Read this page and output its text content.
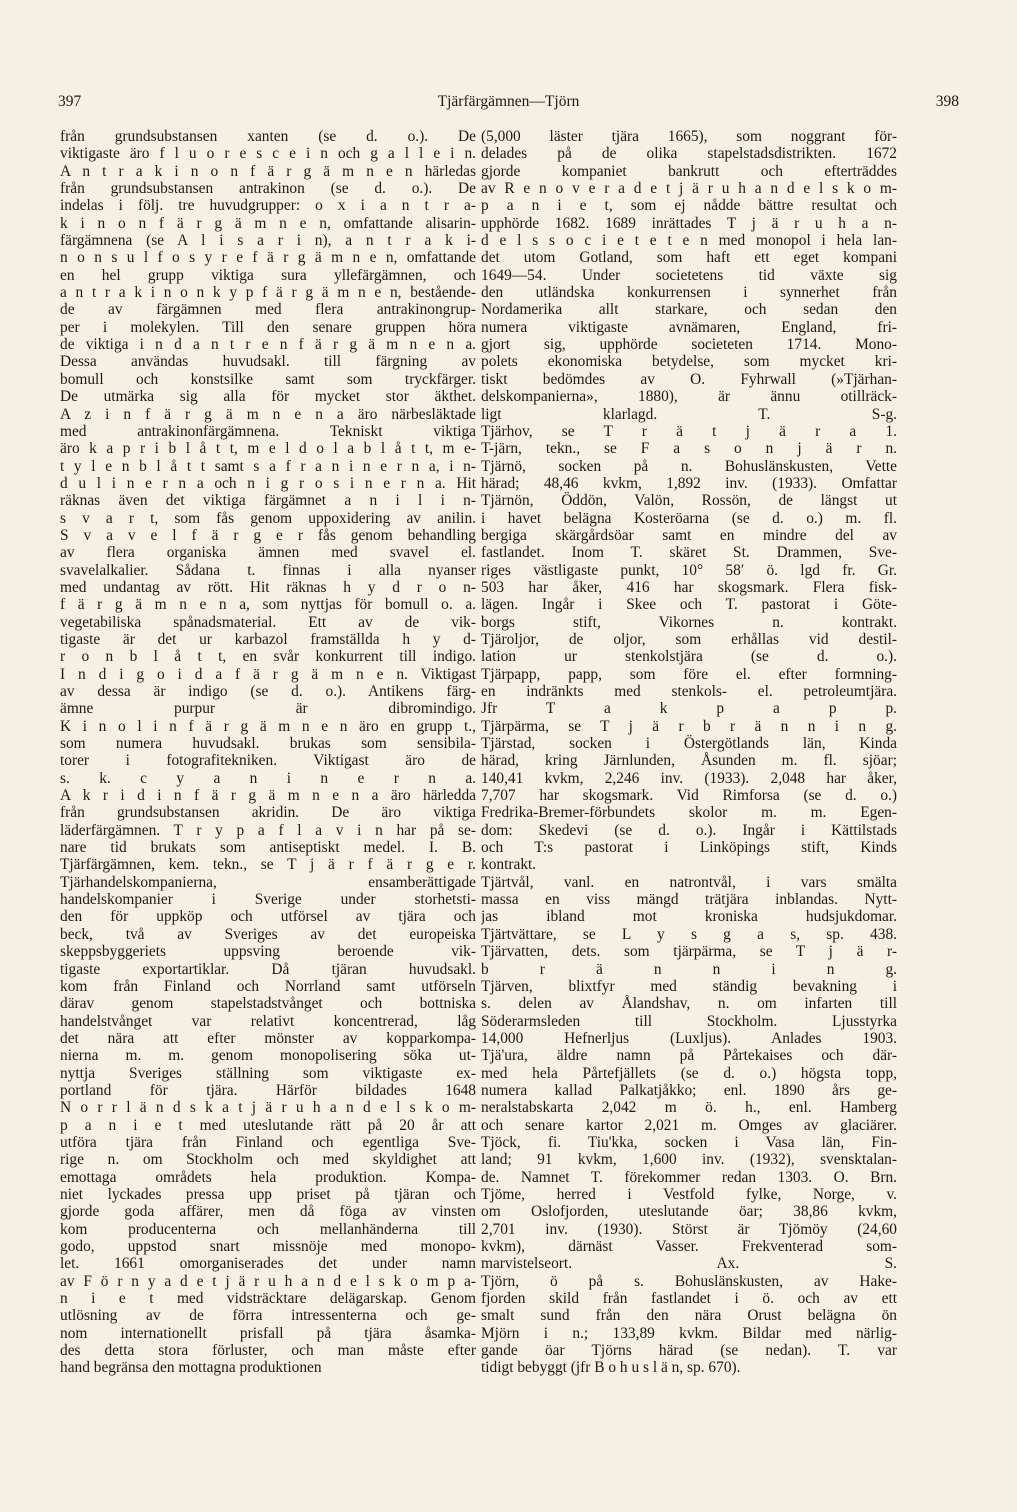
397	Tjärfärgämnen—Tjörn	398
från grundsubstansen xanten (se d. o.). De
viktigaste äro f l u o r e s c e i n och g a l l e i n.
A n t r a k i n o n f ä r g ä m n e n härledas
från grundsubstansen antrakinon (se d. o.). De
indelas i följ. tre huvudgrupper: o x i a n t r a-
k i n o n f ä r g ä m n e n, omfattande alisarin-
färgämnena (se A l i s a r i n), a n t r a k i-
n o n s u l f o s y r e f ä r g ä m n e n, omfattande
en hel grupp viktiga sura yllefärgämnen, och
a n t r a k i n o n k y p f ä r g ä m n e n, bestående-
de av färgämnen med flera antrakinongrup-
per i molekylen. Till den senare gruppen höra
de viktiga i n d a n t r e n f ä r g ä m n e n a.
Dessa användas huvudsakl. till färgning av
bomull och konstsilke samt som tryckfärger.
De utmärka sig alla för mycket stor äkthet.
A z i n f ä r g ä m n e n a äro närbesläktade
med antrakinonfärgämnena. Tekniskt viktiga
äro k a p r i b l å t t, m e l d o l a b l å t t, m e-
t y l e n b l å t t samt s a f r a n i n e r n a, i n-
d u l i n e r n a och n i g r o s i n e r n a. Hit
räknas även det viktiga färgämnet a n i l i n-
s v a r t, som fås genom uppoxidering av anilin.
S v a v e l f ä r g e r fås genom behandling
av flera organiska ämnen med svavel el.
svavelalkalier. Sådana t. finnas i alla nyanser
med undantag av rött. Hit räknas h y d r o n-
f ä r g ä m n e n a, som nyttjas för bomull o. a.
vegetabiliska spånadsmaterial. Ett av de vik-
tigaste är det ur karbazol framställda h y d-
r o n b l å t t, en svår konkurrent till indigo.
I n d i g o i d a f ä r g ä m n e n. Viktigast
av dessa är indigo (se d. o.). Antikens färg-
ämne purpur är dibromindigo.
K i n o l i n f ä r g ä m n e n äro en grupp t.,
som numera huvudsakl. brukas som sensibila-
torer i fotografitekniken. Viktigast äro de
s. k. c y a n i n e r n a.
A k r i d i n f ä r g ä m n e n a äro härledda
från grundsubstansen akridin. De äro viktiga
läderfärgämnen. T r y p a f l a v i n har på se-
nare tid brukats som antiseptiskt medel. I. B.
Tjärfärgämnen, kem. tekn., se T j ä r f ä r g e r.
Tjärhandelskompanierna, ensamberättigade
handelskompanier i Sverige under storhetsti-
den för uppköp och utförsel av tjära och
beck, två av Sveriges av det europeiska
skeppsbyggeriets uppsving beroende vik-
tigaste exportartiklar. Då tjäran huvudsakl.
kom från Finland och Norrland samt utförseln
därav genom stapelstadstvånget och bottniska
handelstvånget var relativt koncentrerad, låg
det nära att efter mönster av kopparkompa-
nierna m. m. genom monopolisering söka ut-
nyttja Sveriges ställning som viktigaste ex-
portland för tjära. Härför bildades 1648
N o r r l ä n d s k a t j ä r u h a n d e l s k o m-
p a n i e t med uteslutande rätt på 20 år att
utföra tjära från Finland och egentliga Sve-
rige n. om Stockholm och med skyldighet att
emottaga områdets hela produktion. Kompa-
niet lyckades pressa upp priset på tjäran och
gjorde goda affärer, men då föga av vinsten
kom producenterna och mellanhänderna till
godo, uppstod snart missnöje med monopo-
let. 1661 omorganiserades det under namn
av F ö r n y a d e t j ä r u h a n d e l s k o m p a-
n i e t med vidsträcktare delägarskap. Genom
utlösning av de förra intressenterna och ge-
nom internationellt prisfall på tjära åsamka-
des detta stora förluster, och man måste efter
hand begränsa den mottagna produktionen
(5,000 läster tjära 1665), som noggrant för-
delades på de olika stapelstadsdistrikten. 1672
gjorde kompaniet bankrutt och efterträddes
av R e n o v e r a d e t j ä r u h a n d e l s k o m-
p a n i e t, som ej nådde bättre resultat och
upphörde 1682. 1689 inrättades T j ä r u h a n-
d e l s s o c i e t e t e n med monopol i hela lan-
det utom Gotland, som haft ett eget kompani
1649—54. Under societetens tid växte sig
den utländska konkurrensen i synnerhet från
Nordamerika allt starkare, och sedan den
numera viktigaste avnämaren, England, fri-
gjort sig, upphörde societeten 1714. Mono-
polets ekonomiska betydelse, som mycket kri-
tiskt bedömdes av O. Fyhrwall (»Tjärhan-
delskompanierna», 1880), är ännu otillräck-
ligt klarlagd. T. S-g.
Tjärhov, se T r ä t j ä r a 1.
T-järn, tekn., se F a s o n j ä r n.
Tjärnö, socken på n. Bohuslänskusten, Vette
härad; 48,46 kvkm, 1,892 inv. (1933). Omfattar
Tjärnön, Öddön, Valön, Rossön, de längst ut
i havet belägna Kosteröarna (se d. o.) m. fl.
bergiga skärgårdsöar samt en mindre del av
fastlandet. Inom T. skäret St. Drammen, Sve-
riges västligaste punkt, 10° 58′ ö. lgd fr. Gr.
503 har åker, 416 har skogsmark. Flera fisk-
lägen. Ingår i Skee och T. pastorat i Göte-
borgs stift, Vikornes n. kontrakt.
Tjäroljor, de oljor, som erhållas vid destil-
lation ur stenkolstjära (se d. o.).
Tjärpapp, papp, som före el. efter formning-
en indränkts med stenkols- el. petroleumtjära.
Jfr T a k p a p p.
Tjärpärma, se T j ä r b r ä n n i n g.
Tjärstad, socken i Östergötlands län, Kinda
härad, kring Järnlunden, Åsunden m. fl. sjöar;
140,41 kvkm, 2,246 inv. (1933). 2,048 har åker,
7,707 har skogsmark. Vid Rimforsa (se d. o.)
Fredrika-Bremer-förbundets skolor m. m. Egen-
dom: Skedevi (se d. o.). Ingår i Kättilstads
och T:s pastorat i Linköpings stift, Kinds
kontrakt.
Tjärtvål, vanl. en natrontvål, i vars smälta
massa en viss mängd trätjära inblandas. Nytt-
jas ibland mot kroniska hudsjukdomar.
Tjärtvättare, se L y s g a s, sp. 438.
Tjärvatten, dets. som tjärpärma, se T j ä r-
b r ä n n i n g.
Tjärven, blixtfyr med ständig bevakning i
s. delen av Ålandshav, n. om infarten till
Söderarmsleden till Stockholm. Ljusstyrka
14,000 Hefnerljus (Luxljus). Anlades 1903.
Tjä'ura, äldre namn på Pårtekaises och där-
med hela Pårtefjällets (se d. o.) högsta topp,
numera kallad Palkatjåkko; enl. 1890 års ge-
neralstabskarta 2,042 m ö. h., enl. Hamberg
och senare kartor 2,021 m. Omges av glaciärer.
Tjöck, fi. Tiu'kka, socken i Vasa län, Fin-
land; 91 kvkm, 1,600 inv. (1932), svensktalan-
de. Namnet T. förekommer redan 1303. O. Brn.
Tjöme, herred i Vestfold fylke, Norge, v.
om Oslofjorden, uteslutande öar; 38,86 kvkm,
2,701 inv. (1930). Störst är Tjömöy (24,60
kvkm), därnäst Vasser. Frekventerad som-
marvistelseort. Ax. S.
Tjörn, ö på s. Bohuslänskusten, av Hake-
fjorden skild från fastlandet i ö. och av ett
smalt sund från den nära Orust belägna ön
Mjörn i n.; 133,89 kvkm. Bildar med närlig-
gande öar Tjörns härad (se nedan). T. var
tidigt bebyggt (jfr B o h u s l ä n, sp. 670).
